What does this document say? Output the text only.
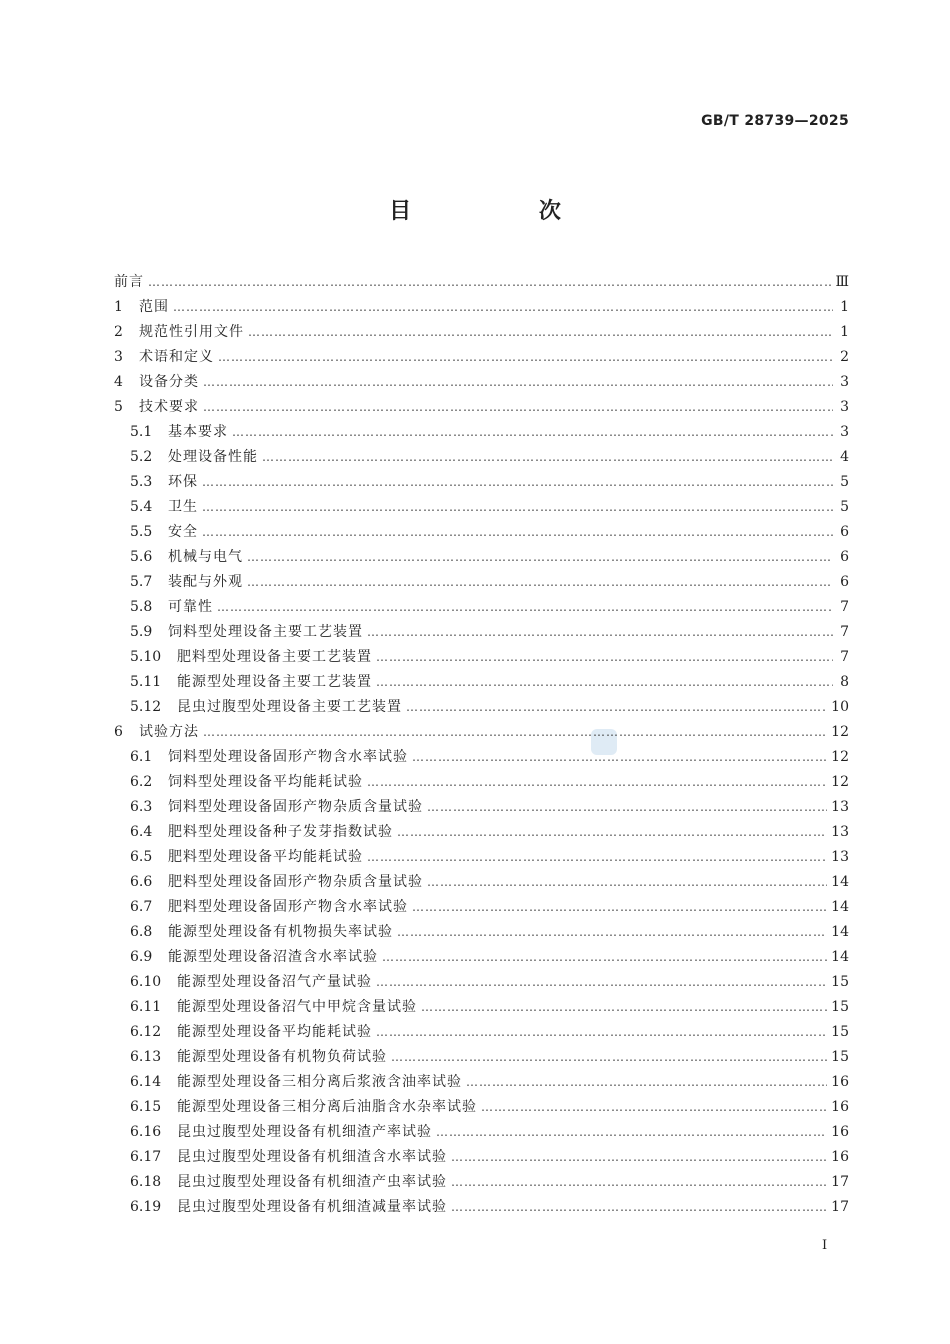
GB/T 28739—2025
目 次
前言 …………………………………………………………………………………………………………………………………………………………………………………………………………	Ⅲ
1	范围 …………………………………………………………………………………………………………………………………………………………………………………………………………	1
2	规范性引用文件 …………………………………………………………………………………………………………………………………………………………………………………………………………	1
3	术语和定义 …………………………………………………………………………………………………………………………………………………………………………………………………………	2
4	设备分类 …………………………………………………………………………………………………………………………………………………………………………………………………………	3
5	技术要求 …………………………………………………………………………………………………………………………………………………………………………………………………………	3
5.1	基本要求 …………………………………………………………………………………………………………………………………………………………………………………………………………	3
5.2	处理设备性能 …………………………………………………………………………………………………………………………………………………………………………………………………………	4
5.3	环保 …………………………………………………………………………………………………………………………………………………………………………………………………………	5
5.4	卫生 …………………………………………………………………………………………………………………………………………………………………………………………………………	5
5.5	安全 …………………………………………………………………………………………………………………………………………………………………………………………………………	6
5.6	机械与电气 …………………………………………………………………………………………………………………………………………………………………………………………………………	6
5.7	装配与外观 …………………………………………………………………………………………………………………………………………………………………………………………………………	6
5.8	可靠性 …………………………………………………………………………………………………………………………………………………………………………………………………………	7
5.9	饲料型处理设备主要工艺装置 …………………………………………………………………………………………………………………………………………………………………………………………………………	7
5.10	肥料型处理设备主要工艺装置 …………………………………………………………………………………………………………………………………………………………………………………………………………	7
5.11	能源型处理设备主要工艺装置 …………………………………………………………………………………………………………………………………………………………………………………………………………	8
5.12	昆虫过腹型处理设备主要工艺装置 …………………………………………………………………………………………………………………………………………………………………………………………………………	10
6	试验方法 …………………………………………………………………………………………………………………………………………………………………………………………………………	12
6.1	饲料型处理设备固形产物含水率试验 …………………………………………………………………………………………………………………………………………………………………………………………………………	12
6.2	饲料型处理设备平均能耗试验 …………………………………………………………………………………………………………………………………………………………………………………………………………	12
6.3	饲料型处理设备固形产物杂质含量试验 …………………………………………………………………………………………………………………………………………………………………………………………………………	13
6.4	肥料型处理设备种子发芽指数试验 …………………………………………………………………………………………………………………………………………………………………………………………………………	13
6.5	肥料型处理设备平均能耗试验 …………………………………………………………………………………………………………………………………………………………………………………………………………	13
6.6	肥料型处理设备固形产物杂质含量试验 …………………………………………………………………………………………………………………………………………………………………………………………………………	14
6.7	肥料型处理设备固形产物含水率试验 …………………………………………………………………………………………………………………………………………………………………………………………………………	14
6.8	能源型处理设备有机物损失率试验 …………………………………………………………………………………………………………………………………………………………………………………………………………	14
6.9	能源型处理设备沼渣含水率试验 …………………………………………………………………………………………………………………………………………………………………………………………………………	14
6.10	能源型处理设备沼气产量试验 …………………………………………………………………………………………………………………………………………………………………………………………………………	15
6.11	能源型处理设备沼气中甲烷含量试验 …………………………………………………………………………………………………………………………………………………………………………………………………………	15
6.12	能源型处理设备平均能耗试验 …………………………………………………………………………………………………………………………………………………………………………………………………………	15
6.13	能源型处理设备有机物负荷试验 …………………………………………………………………………………………………………………………………………………………………………………………………………	15
6.14	能源型处理设备三相分离后浆液含油率试验 …………………………………………………………………………………………………………………………………………………………………………………………………………	16
6.15	能源型处理设备三相分离后油脂含水杂率试验 …………………………………………………………………………………………………………………………………………………………………………………………………………	16
6.16	昆虫过腹型处理设备有机细渣产率试验 …………………………………………………………………………………………………………………………………………………………………………………………………………	16
6.17	昆虫过腹型处理设备有机细渣含水率试验 …………………………………………………………………………………………………………………………………………………………………………………………………………	16
6.18	昆虫过腹型处理设备有机细渣产虫率试验 …………………………………………………………………………………………………………………………………………………………………………………………………………	17
6.19	昆虫过腹型处理设备有机细渣减量率试验 …………………………………………………………………………………………………………………………………………………………………………………………………………	17
I
